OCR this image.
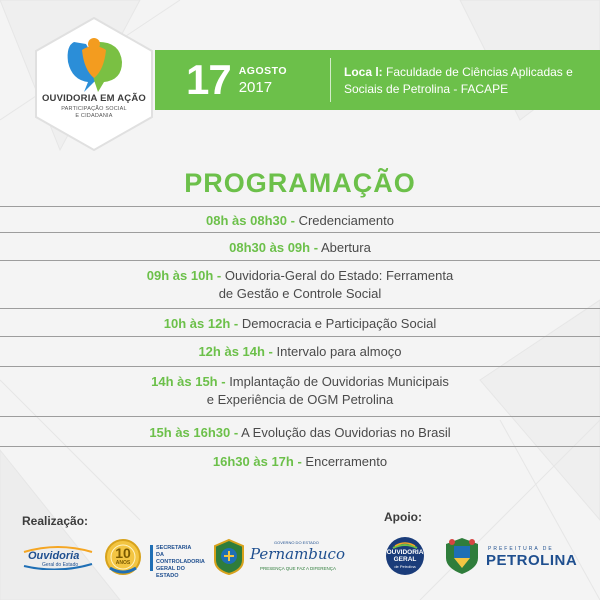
OUVIDORIA EM AÇÃO
PARTICIPAÇÃO SOCIAL
E CIDADANIA
17 AGOSTO
2017
Loca l: Faculdade de Ciências Aplicadas e Sociais de Petrolina - FACAPE
PROGRAMAÇÃO
08h às 08h30 - Credenciamento
08h30 às 09h - Abertura
09h às 10h - Ouvidoria-Geral do Estado: Ferramenta
de Gestão e Controle Social
10h às 12h - Democracia e Participação Social
12h às 14h - Intervalo para almoço
14h às 15h - Implantação de Ouvidorias Municipais
e Experiência de OGM Petrolina
15h às 16h30 - A Evolução das Ouvidorias no Brasil
16h30 às 17h - Encerramento
Realização:	Apoio:
Ouvidoria
Geral do Estado
10
ANOS
SECRETARIA
DA CONTROLADORIA
GERAL DO ESTADO
GOVERNO DO ESTADO
Pernambuco
PRESENÇA QUE FAZ A DIFERENÇA
OUVIDORIA
GERAL
de Petrolina
PREFEITURA DE
PETROLINA
